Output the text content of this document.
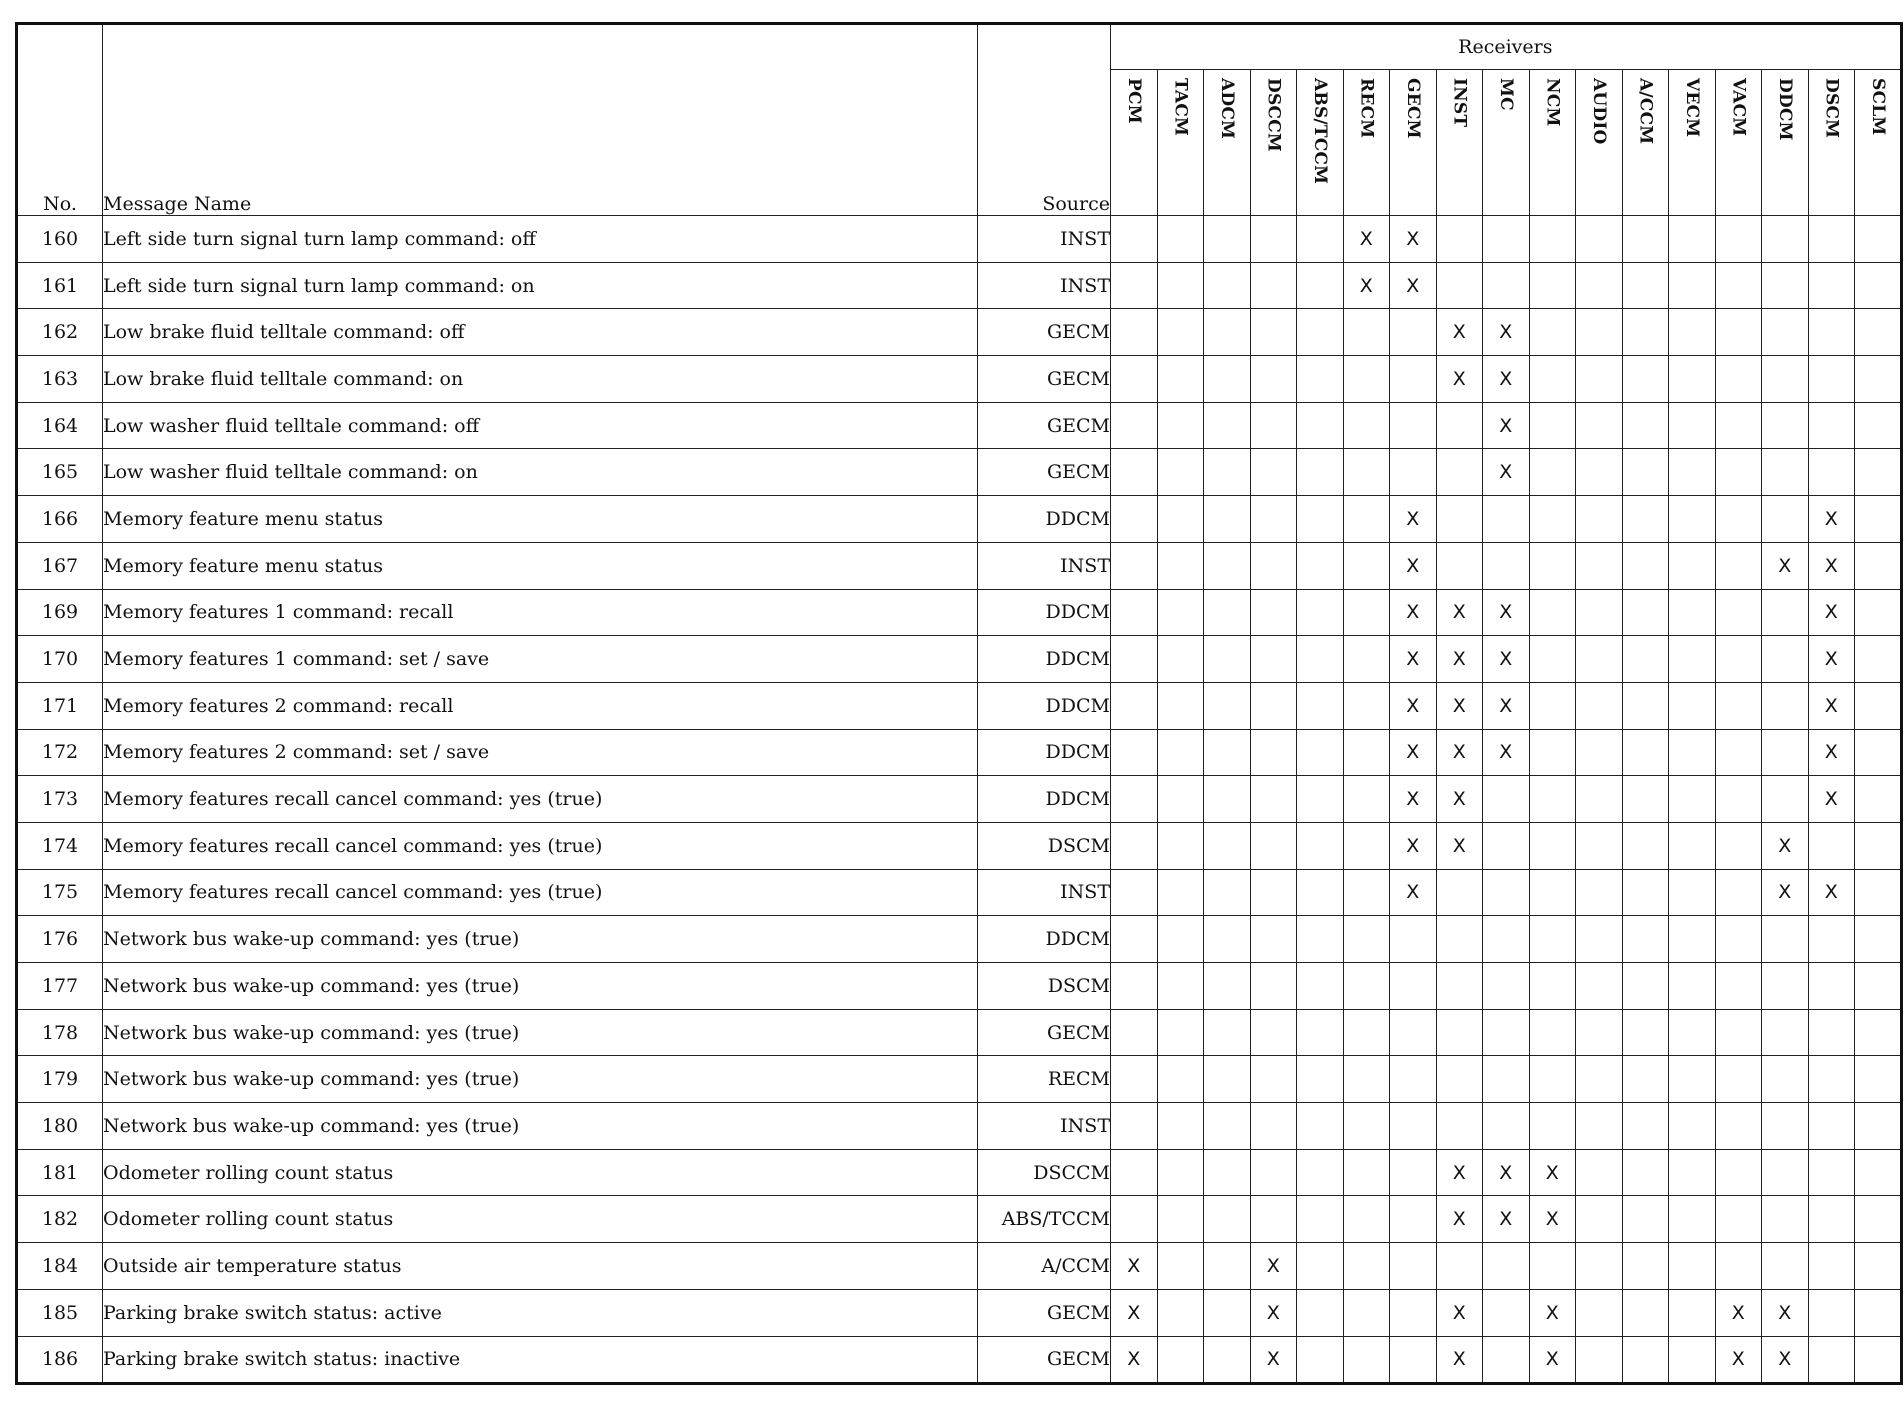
No.	Message Name	Source	Receivers																

			PCM	TACM	ADCM	DSCCM	ABS/TCCM	RECM	GECM	INST	MC	NCM	AUDIO	A/CCM	VECM	VACM	DDCM	DSCM	SCLM

160	Left side turn signal turn lamp command: off	INST						X	X										
161	Left side turn signal turn lamp command: on	INST						X	X										
162	Low brake fluid telltale command: off	GECM								X	X								
163	Low brake fluid telltale command: on	GECM								X	X								
164	Low washer fluid telltale command: off	GECM									X								
165	Low washer fluid telltale command: on	GECM									X								
166	Memory feature menu status	DDCM							X									X	
167	Memory feature menu status	INST							X								X	X	
169	Memory features 1 command: recall	DDCM							X	X	X							X	
170	Memory features 1 command: set / save	DDCM							X	X	X							X	
171	Memory features 2 command: recall	DDCM							X	X	X							X	
172	Memory features 2 command: set / save	DDCM							X	X	X							X	
173	Memory features recall cancel command: yes (true)	DDCM							X	X								X	
174	Memory features recall cancel command: yes (true)	DSCM							X	X							X		
175	Memory features recall cancel command: yes (true)	INST							X								X	X	
176	Network bus wake-up command: yes (true)	DDCM																	
177	Network bus wake-up command: yes (true)	DSCM																	
178	Network bus wake-up command: yes (true)	GECM																	
179	Network bus wake-up command: yes (true)	RECM																	
180	Network bus wake-up command: yes (true)	INST																	
181	Odometer rolling count status	DSCCM								X	X	X							
182	Odometer rolling count status	ABS/TCCM								X	X	X							
184	Outside air temperature status	A/CCM	X			X													
185	Parking brake switch status: active	GECM	X			X				X		X				X	X		
186	Parking brake switch status: inactive	GECM	X			X				X		X				X	X		
